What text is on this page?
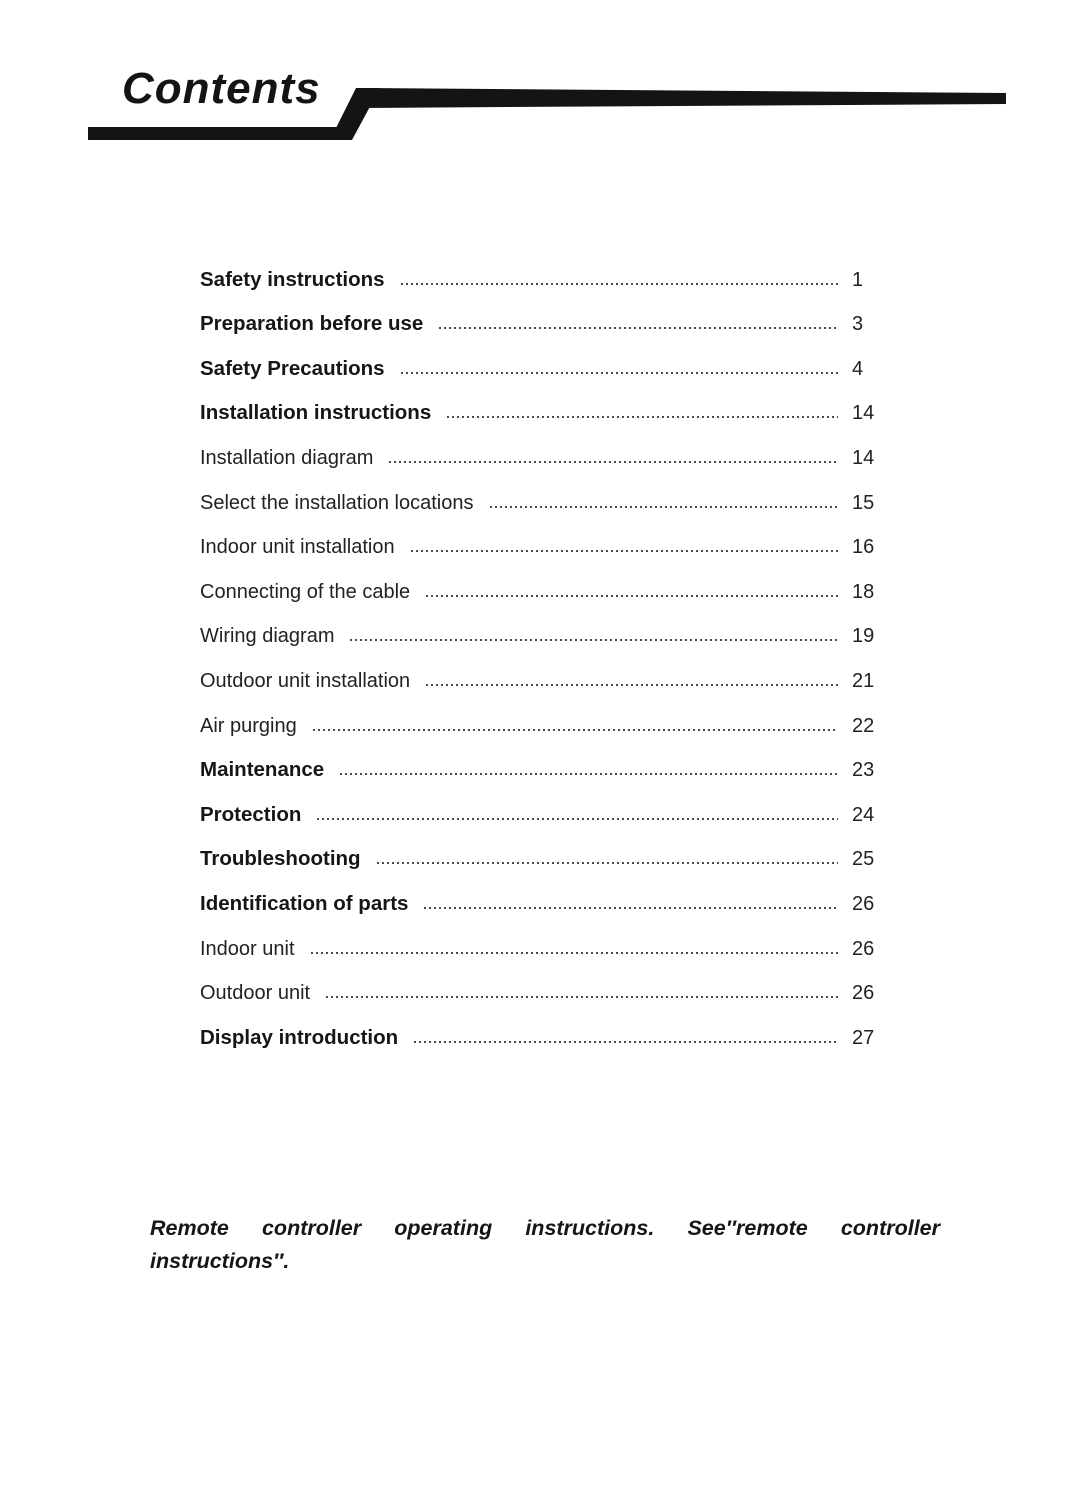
Contents
Safety instructions	1
Preparation before use	3
Safety Precautions	4
Installation instructions	14
Installation diagram	14
Select the installation locations	15
Indoor unit installation	16
Connecting of the cable	18
Wiring diagram	19
Outdoor unit installation	21
Air purging	22
Maintenance	23
Protection	24
Troubleshooting	25
Identification of parts	26
Indoor unit	26
Outdoor unit	26
Display introduction	27
Remote controller operating instructions. See″remote controller instructions″.
